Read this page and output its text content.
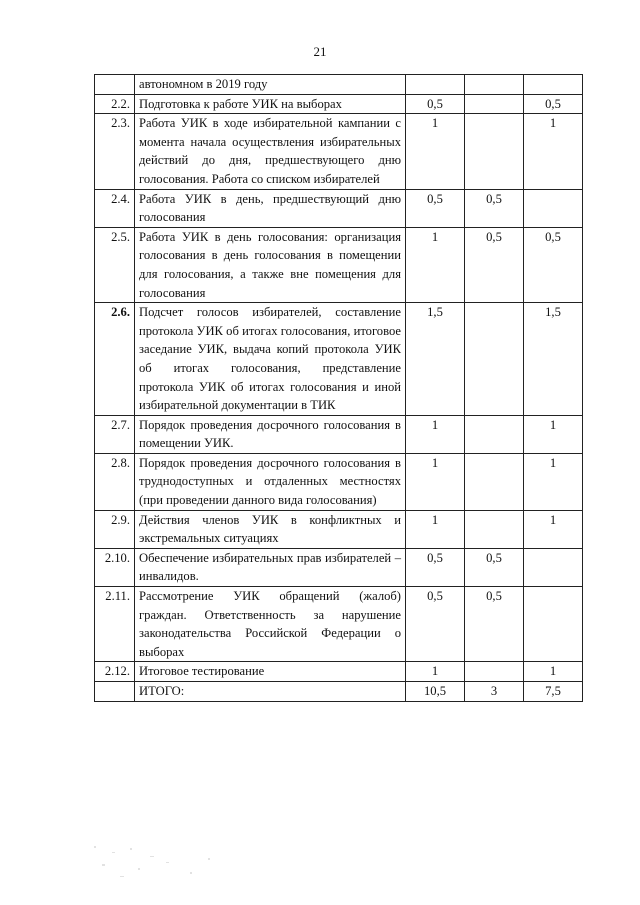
21
	автономном в 2019 году			
2.2.	Подготовка к работе УИК на выборах	0,5		0,5
2.3.	Работа УИК в ходе избирательной кампании с момента начала осуществления избирательных действий до дня, предшествующего дню голосования. Работа со списком избирателей	1		1
2.4.	Работа УИК в день, предшествующий дню голосования	0,5	0,5	
2.5.	Работа УИК в день голосования: организация голосования в день голосования в помещении для голосования, а также вне помещения для голосования	1	0,5	0,5
2.6.	Подсчет голосов избирателей, составление протокола УИК об итогах голосования, итоговое заседание УИК, выдача копий протокола УИК об итогах голосования, представление протокола УИК об итогах голосования и иной избирательной документации в ТИК	1,5		1,5
2.7.	Порядок проведения досрочного голосования в помещении УИК.	1		1
2.8.	Порядок проведения досрочного голосования в труднодоступных и отдаленных местностях (при проведении данного вида голосования)	1		1
2.9.	Действия членов УИК в конфликтных и экстремальных ситуациях	1		1
2.10.	Обеспечение избирательных прав избирателей – инвалидов.	0,5	0,5	
2.11.	Рассмотрение УИК обращений (жалоб) граждан. Ответственность за нарушение законодательства Российской Федерации о выборах	0,5	0,5	
2.12.	Итоговое тестирование	1		1
	ИТОГО:	10,5	3	7,5
